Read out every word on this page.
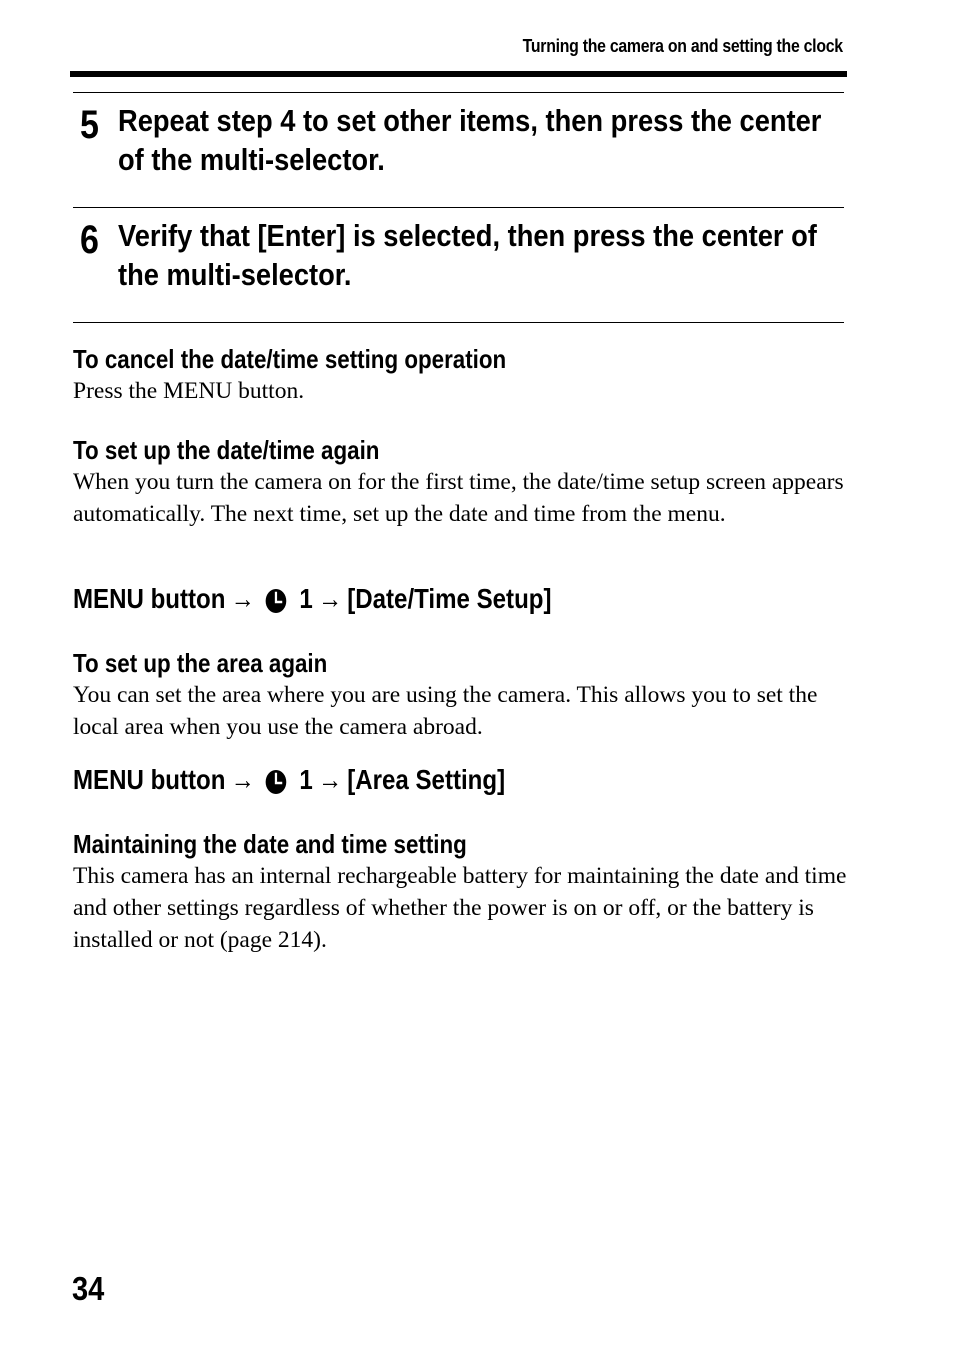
Turning the camera on and setting the clock
5 Repeat step 4 to set other items, then press the center of the multi-selector.
6 Verify that [Enter] is selected, then press the center of the multi-selector.
To cancel the date/time setting operation
Press the MENU button.
To set up the date/time again
When you turn the camera on for the first time, the date/time setup screen appears automatically. The next time, set up the date and time from the menu.
MENU button → 1 → [Date/Time Setup]
To set up the area again
You can set the area where you are using the camera. This allows you to set the local area when you use the camera abroad.
MENU button → 1 → [Area Setting]
Maintaining the date and time setting
This camera has an internal rechargeable battery for maintaining the date and time and other settings regardless of whether the power is on or off, or the battery is installed or not (page 214).
34
